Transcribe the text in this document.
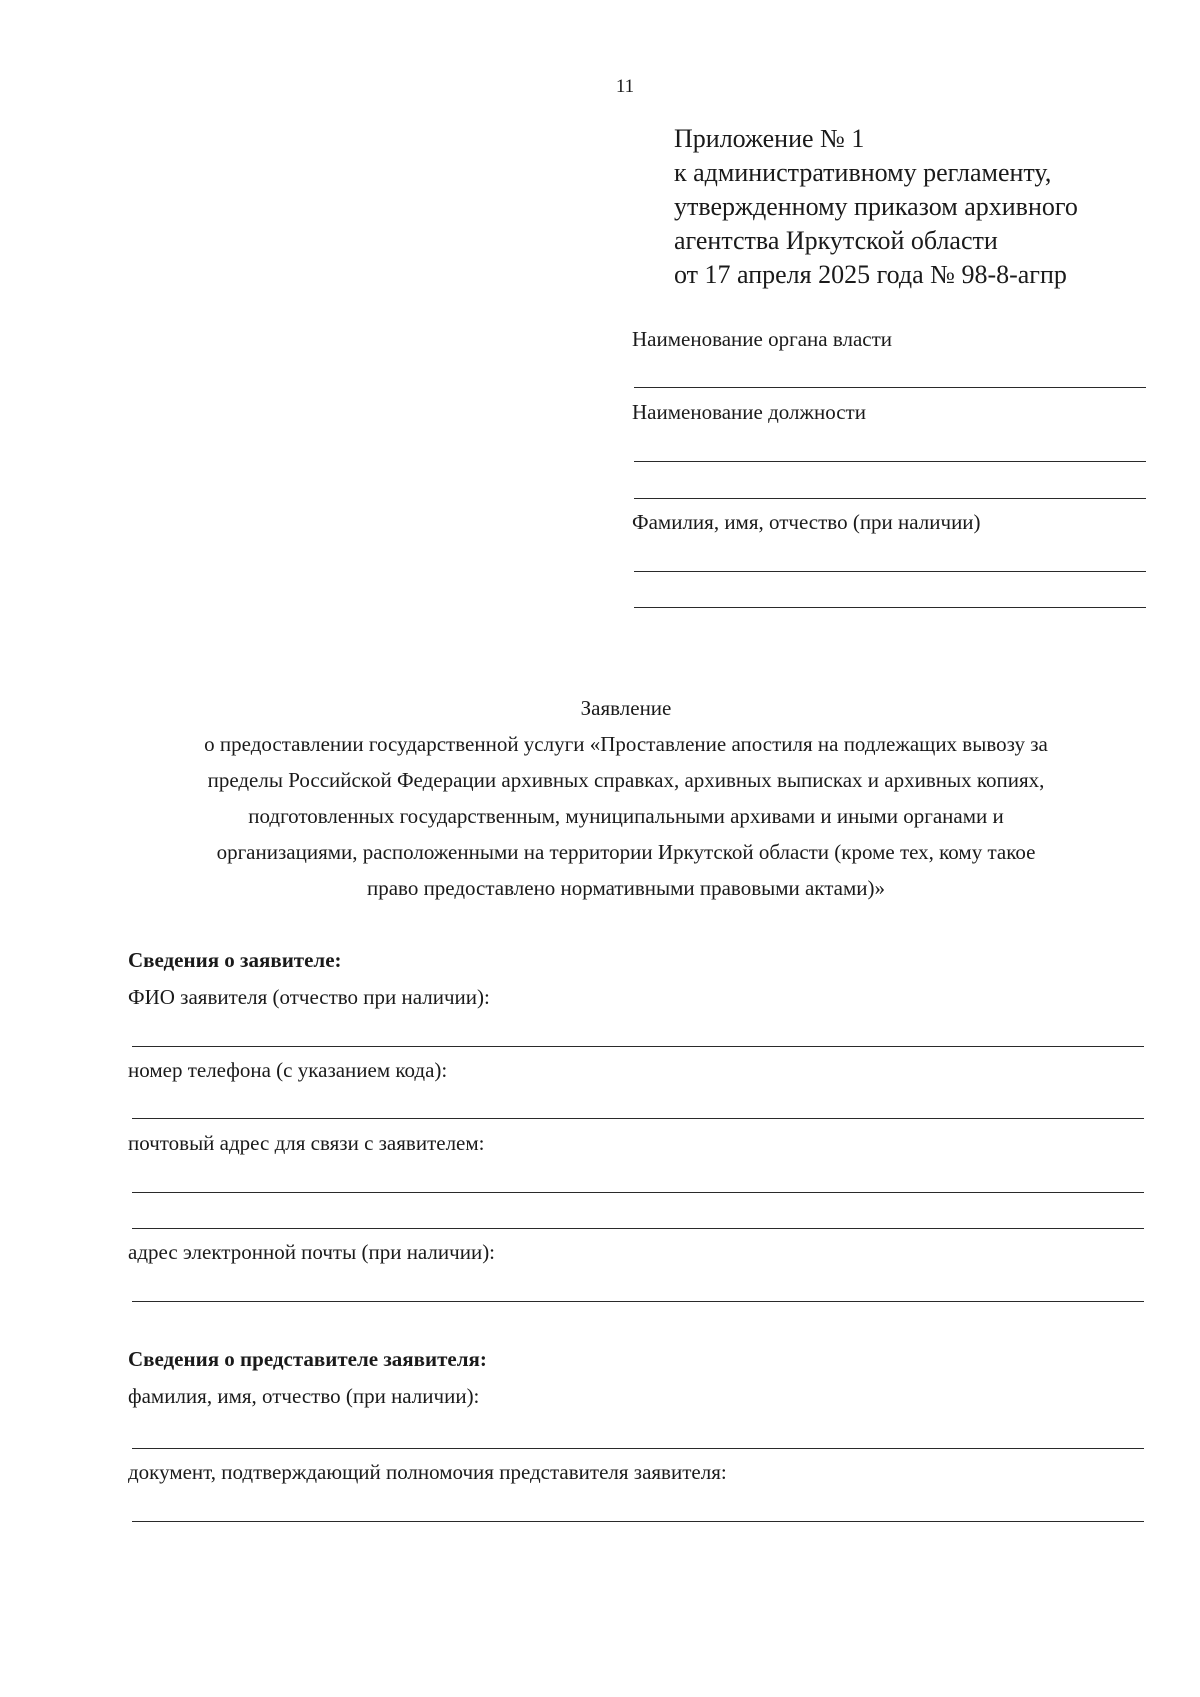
11
Приложение № 1
к административному регламенту,
утвержденному приказом архивного
агентства Иркутской области
от 17 апреля 2025 года № 98-8-агпр
Наименование органа власти
Наименование должности
Фамилия, имя, отчество (при наличии)
Заявление
о предоставлении государственной услуги «Проставление апостиля на подлежащих вывозу за
пределы Российской Федерации архивных справках, архивных выписках и архивных копиях,
подготовленных государственным, муниципальными архивами и иными органами и
организациями, расположенными на территории Иркутской области (кроме тех, кому такое
право предоставлено нормативными правовыми актами)»
Сведения о заявителе:
ФИО заявителя (отчество при наличии):
номер телефона (с указанием кода):
почтовый адрес для связи с заявителем:
адрес электронной почты (при наличии):
Сведения о представителе заявителя:
фамилия, имя, отчество (при наличии):
документ, подтверждающий полномочия представителя заявителя:
